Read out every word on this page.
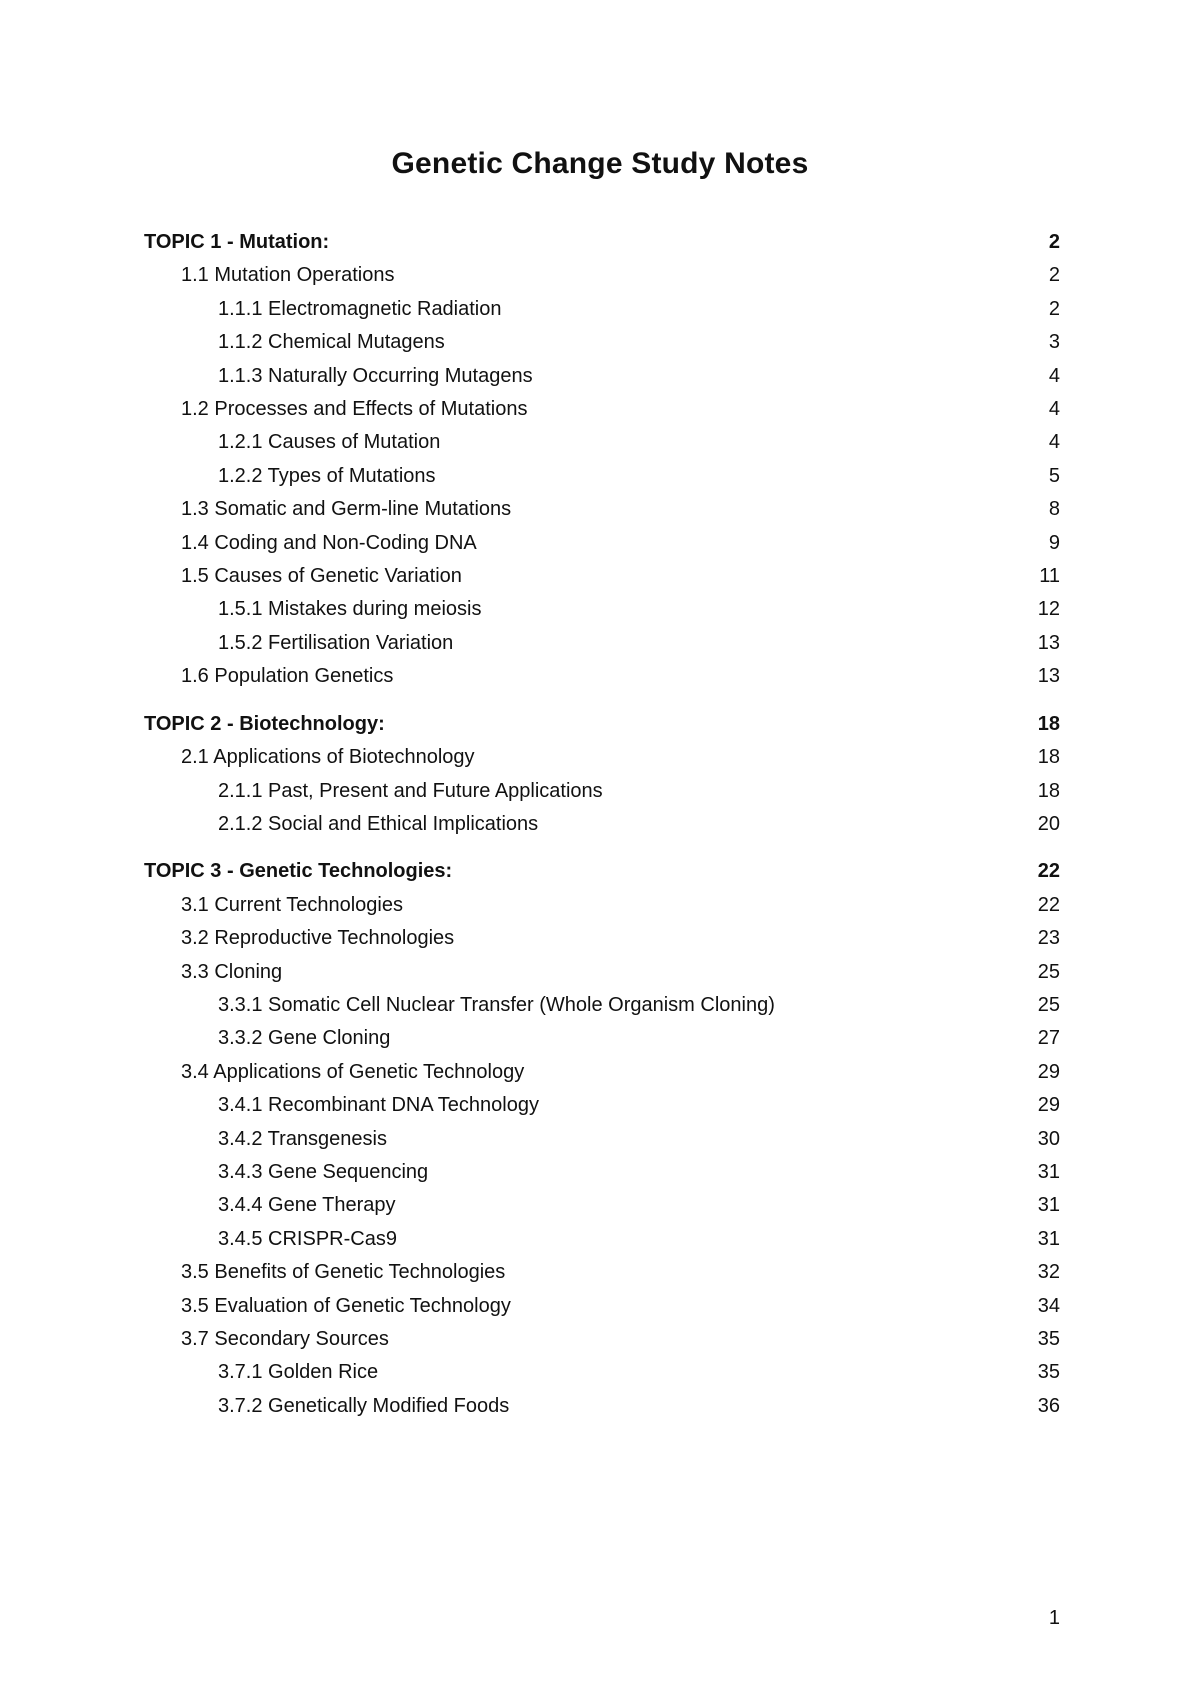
Genetic Change Study Notes
TOPIC 1 - Mutation:	2
1.1 Mutation Operations	2
1.1.1 Electromagnetic Radiation	2
1.1.2 Chemical Mutagens	3
1.1.3 Naturally Occurring Mutagens	4
1.2 Processes and Effects of Mutations	4
1.2.1 Causes of Mutation	4
1.2.2 Types of Mutations	5
1.3 Somatic and Germ-line Mutations	8
1.4 Coding and Non-Coding DNA	9
1.5 Causes of Genetic Variation	11
1.5.1 Mistakes during meiosis	12
1.5.2 Fertilisation Variation	13
1.6 Population Genetics	13
TOPIC 2 - Biotechnology:	18
2.1 Applications of Biotechnology	18
2.1.1 Past, Present and Future Applications	18
2.1.2 Social and Ethical Implications	20
TOPIC 3 - Genetic Technologies:	22
3.1 Current Technologies	22
3.2 Reproductive Technologies	23
3.3 Cloning	25
3.3.1 Somatic Cell Nuclear Transfer (Whole Organism Cloning)	25
3.3.2 Gene Cloning	27
3.4 Applications of Genetic Technology	29
3.4.1 Recombinant DNA Technology	29
3.4.2 Transgenesis	30
3.4.3 Gene Sequencing	31
3.4.4 Gene Therapy	31
3.4.5 CRISPR-Cas9	31
3.5 Benefits of Genetic Technologies	32
3.5 Evaluation of Genetic Technology	34
3.7 Secondary Sources	35
3.7.1 Golden Rice	35
3.7.2 Genetically Modified Foods	36
1
